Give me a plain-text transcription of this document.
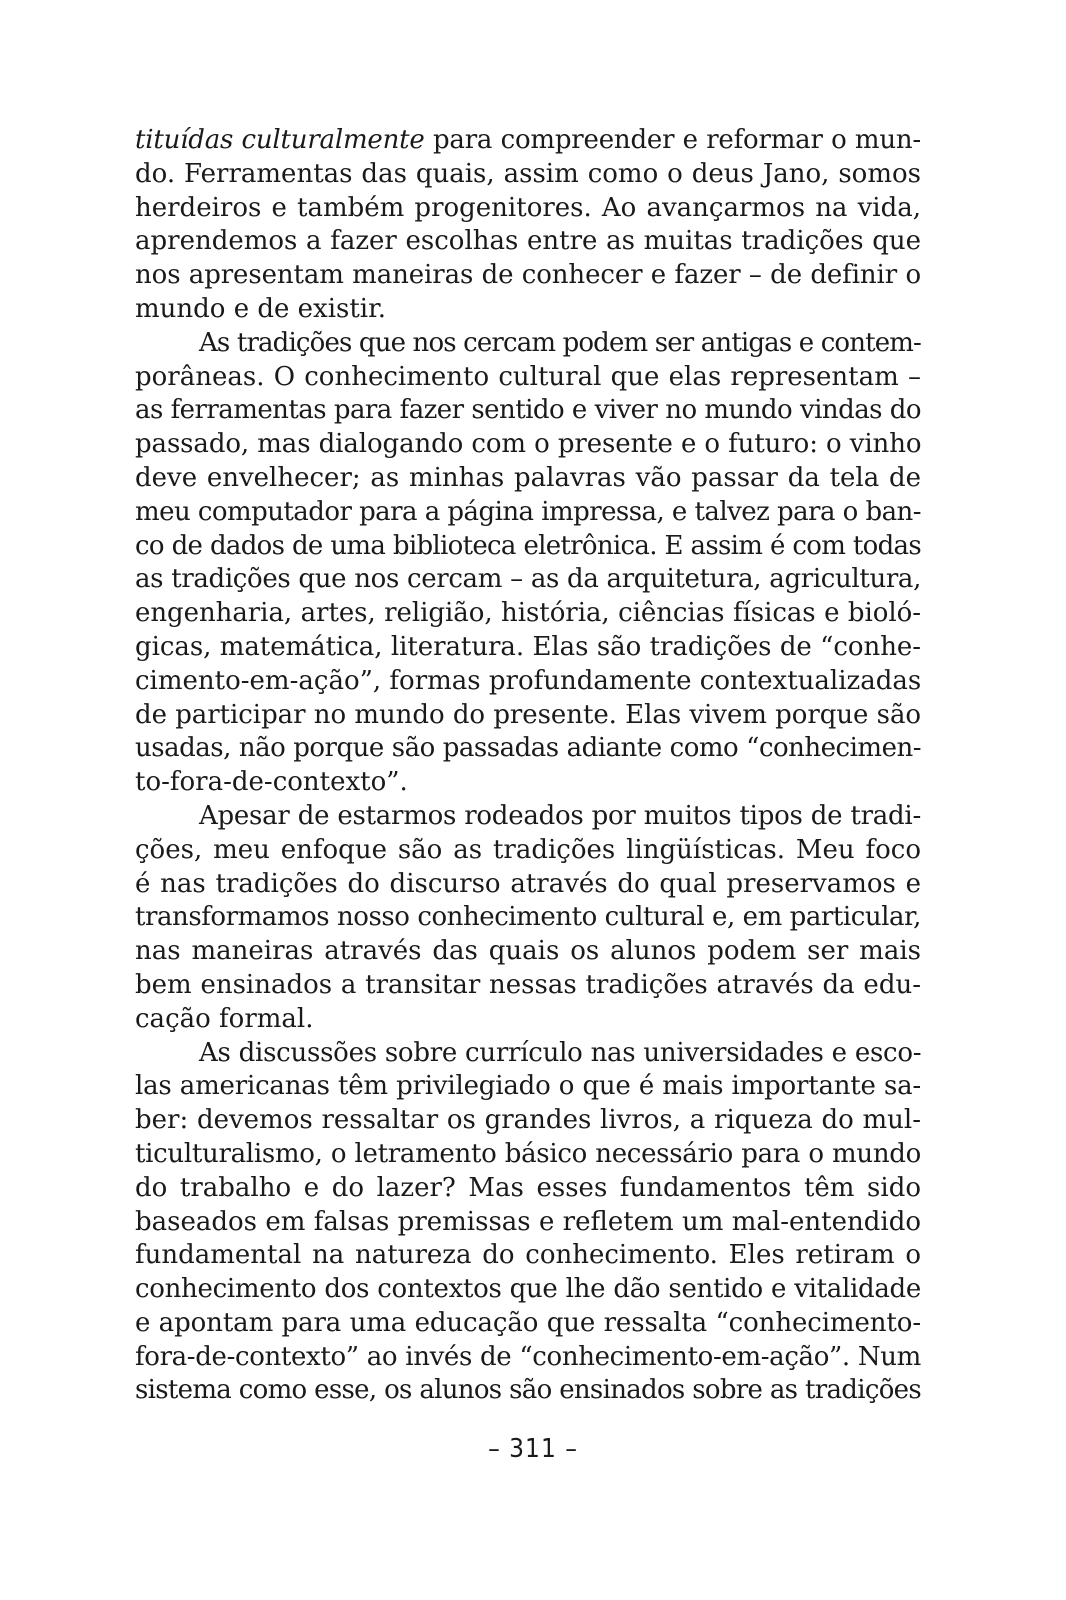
tituídas culturalmente para compreender e reformar o mun-
do. Ferramentas das quais, assim como o deus Jano, somos
herdeiros e também progenitores. Ao avançarmos na vida,
aprendemos a fazer escolhas entre as muitas tradições que
nos apresentam maneiras de conhecer e fazer – de definir o
mundo e de existir.

As tradições que nos cercam podem ser antigas e contem-
porâneas. O conhecimento cultural que elas representam –
as ferramentas para fazer sentido e viver no mundo vindas do
passado, mas dialogando com o presente e o futuro: o vinho
deve envelhecer; as minhas palavras vão passar da tela de
meu computador para a página impressa, e talvez para o ban-
co de dados de uma biblioteca eletrônica. E assim é com todas
as tradições que nos cercam – as da arquitetura, agricultura,
engenharia, artes, religião, história, ciências físicas e bioló-
gicas, matemática, literatura. Elas são tradições de “conhe-
cimento-em-ação”, formas profundamente contextualizadas
de participar no mundo do presente. Elas vivem porque são
usadas, não porque são passadas adiante como “conhecimen-
to-fora-de-contexto”.

Apesar de estarmos rodeados por muitos tipos de tradi-
ções, meu enfoque são as tradições lingüísticas. Meu foco
é nas tradições do discurso através do qual preservamos e
transformamos nosso conhecimento cultural e, em particular,
nas maneiras através das quais os alunos podem ser mais
bem ensinados a transitar nessas tradições através da edu-
cação formal.

As discussões sobre currículo nas universidades e esco-
las americanas têm privilegiado o que é mais importante sa-
ber: devemos ressaltar os grandes livros, a riqueza do mul-
ticulturalismo, o letramento básico necessário para o mundo
do trabalho e do lazer? Mas esses fundamentos têm sido
baseados em falsas premissas e refletem um mal-entendido
fundamental na natureza do conhecimento. Eles retiram o
conhecimento dos contextos que lhe dão sentido e vitalidade
e apontam para uma educação que ressalta “conhecimento-
fora-de-contexto” ao invés de “conhecimento-em-ação”. Num
sistema como esse, os alunos são ensinados sobre as tradições

– 311 –
